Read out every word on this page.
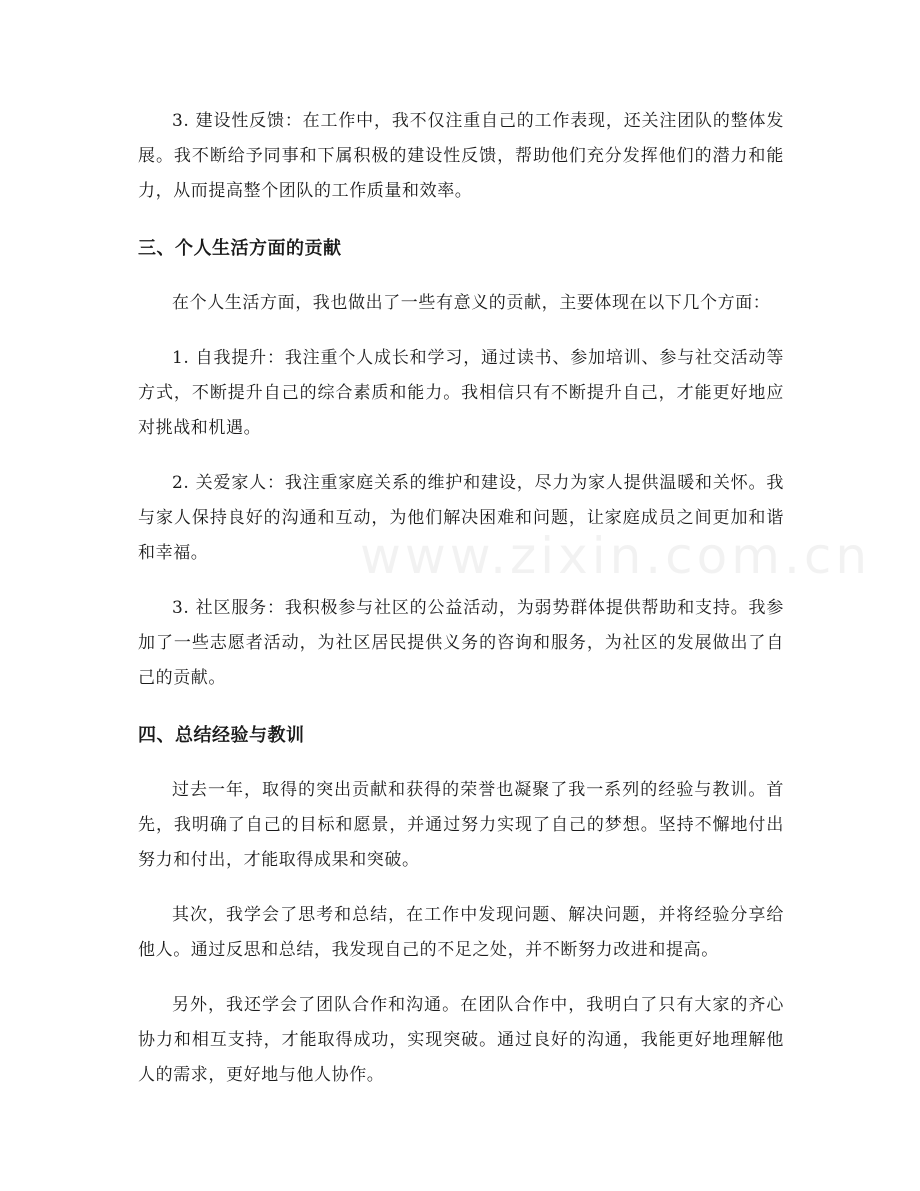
www.zixin.com.cn

3. 建设性反馈：在工作中，我不仅注重自己的工作表现，还关注团队的整体发展。我不断给予同事和下属积极的建设性反馈，帮助他们充分发挥他们的潜力和能力，从而提高整个团队的工作质量和效率。

三、个人生活方面的贡献

在个人生活方面，我也做出了一些有意义的贡献，主要体现在以下几个方面：

1. 自我提升：我注重个人成长和学习，通过读书、参加培训、参与社交活动等方式，不断提升自己的综合素质和能力。我相信只有不断提升自己，才能更好地应对挑战和机遇。

2. 关爱家人：我注重家庭关系的维护和建设，尽力为家人提供温暖和关怀。我与家人保持良好的沟通和互动，为他们解决困难和问题，让家庭成员之间更加和谐和幸福。

3. 社区服务：我积极参与社区的公益活动，为弱势群体提供帮助和支持。我参加了一些志愿者活动，为社区居民提供义务的咨询和服务，为社区的发展做出了自己的贡献。

四、总结经验与教训

过去一年，取得的突出贡献和获得的荣誉也凝聚了我一系列的经验与教训。首先，我明确了自己的目标和愿景，并通过努力实现了自己的梦想。坚持不懈地付出努力和付出，才能取得成果和突破。

其次，我学会了思考和总结，在工作中发现问题、解决问题，并将经验分享给他人。通过反思和总结，我发现自己的不足之处，并不断努力改进和提高。

另外，我还学会了团队合作和沟通。在团队合作中，我明白了只有大家的齐心协力和相互支持，才能取得成功，实现突破。通过良好的沟通，我能更好地理解他人的需求，更好地与他人协作。
